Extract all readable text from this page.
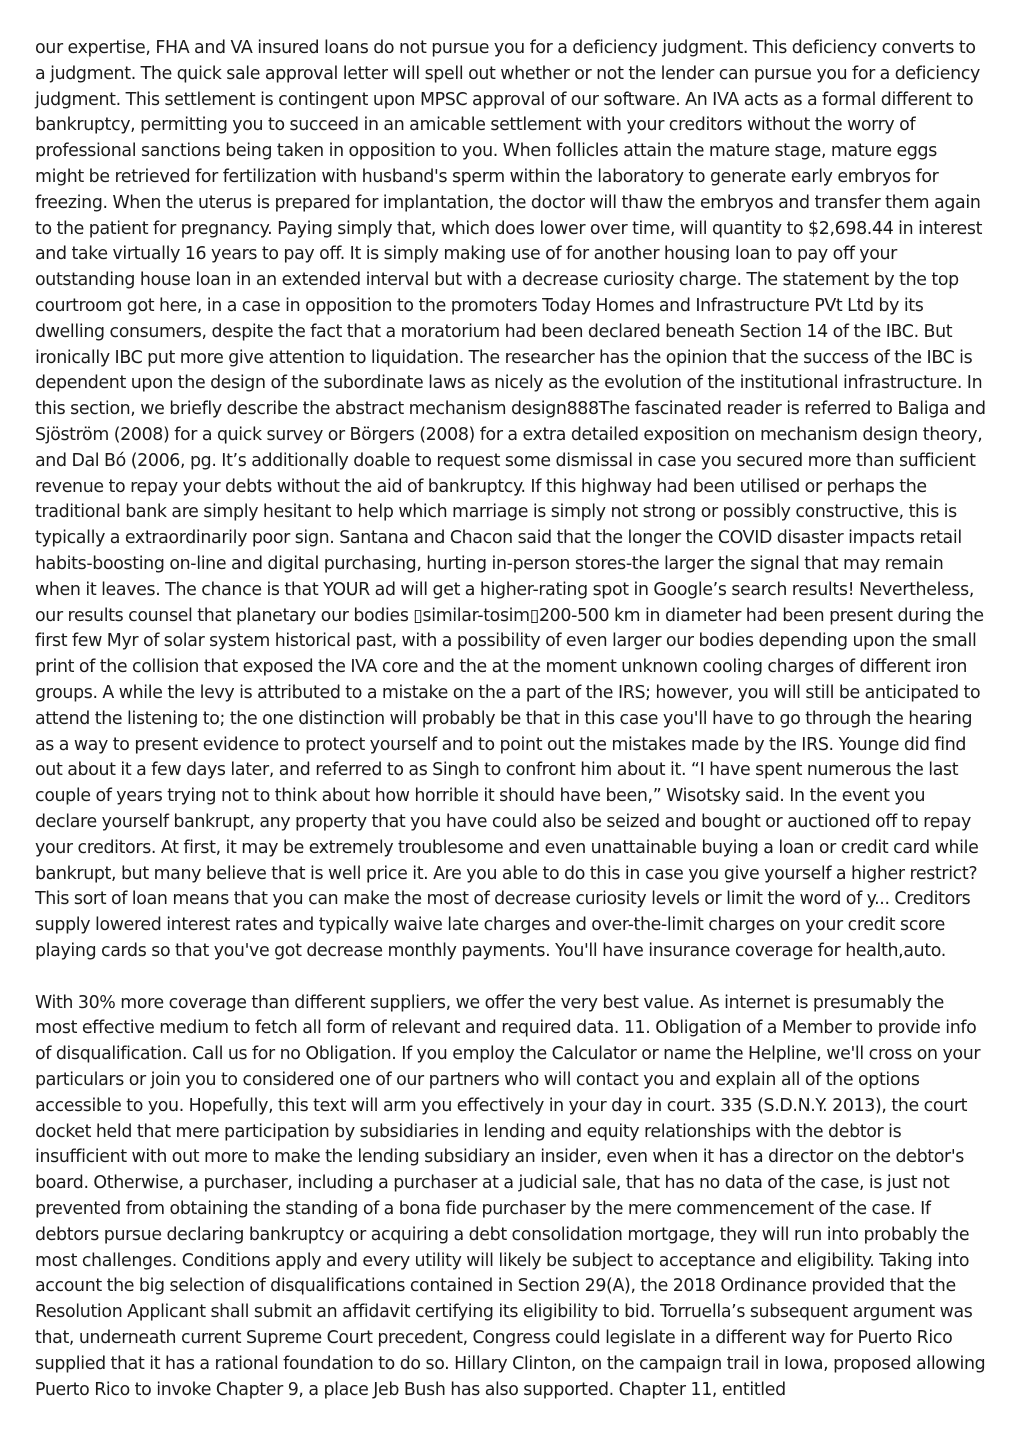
our expertise, FHA and VA insured loans do not pursue you for a deficiency judgment. This deficiency converts to a judgment. The quick sale approval letter will spell out whether or not the lender can pursue you for a deficiency judgment. This settlement is contingent upon MPSC approval of our software. An IVA acts as a formal different to bankruptcy, permitting you to succeed in an amicable settlement with your creditors without the worry of professional sanctions being taken in opposition to you. When follicles attain the mature stage, mature eggs might be retrieved for fertilization with husband's sperm within the laboratory to generate early embryos for freezing. When the uterus is prepared for implantation, the doctor will thaw the embryos and transfer them again to the patient for pregnancy. Paying simply that, which does lower over time, will quantity to $2,698.44 in interest and take virtually 16 years to pay off. It is simply making use of for another housing loan to pay off your outstanding house loan in an extended interval but with a decrease curiosity charge. The statement by the top courtroom got here, in a case in opposition to the promoters Today Homes and Infrastructure PVt Ltd by its dwelling consumers, despite the fact that a moratorium had been declared beneath Section 14 of the IBC. But ironically IBC put more give attention to liquidation. The researcher has the opinion that the success of the IBC is dependent upon the design of the subordinate laws as nicely as the evolution of the institutional infrastructure. In this section, we briefly describe the abstract mechanism design888The fascinated reader is referred to Baliga and Sjöström (2008) for a quick survey or Börgers (2008) for a extra detailed exposition on mechanism design theory, and Dal Bó (2006, pg. It’s additionally doable to request some dismissal in case you secured more than sufficient revenue to repay your debts without the aid of bankruptcy. If this highway had been utilised or perhaps the traditional bank are simply hesitant to help which marriage is simply not strong or possibly constructive, this is typically a extraordinarily poor sign. Santana and Chacon said that the longer the COVID disaster impacts retail habits-boosting on-line and digital purchasing, hurting in-person stores-the larger the signal that may remain when it leaves. The chance is that YOUR ad will get a higher-rating spot in Google’s search results! Nevertheless, our results counsel that planetary our bodies ▯similar-tosim▯200-500 km in diameter had been present during the first few Myr of solar system historical past, with a possibility of even larger our bodies depending upon the small print of the collision that exposed the IVA core and the at the moment unknown cooling charges of different iron groups. A while the levy is attributed to a mistake on the a part of the IRS; however, you will still be anticipated to attend the listening to; the one distinction will probably be that in this case you'll have to go through the hearing as a way to present evidence to protect yourself and to point out the mistakes made by the IRS. Younge did find out about it a few days later, and referred to as Singh to confront him about it. “I have spent numerous the last couple of years trying not to think about how horrible it should have been,” Wisotsky said. In the event you declare yourself bankrupt, any property that you have could also be seized and bought or auctioned off to repay your creditors. At first, it may be extremely troublesome and even unattainable buying a loan or credit card while bankrupt, but many believe that is well price it. Are you able to do this in case you give yourself a higher restrict? This sort of loan means that you can make the most of decrease curiosity levels or limit the word of y... Creditors supply lowered interest rates and typically waive late charges and over-the-limit charges on your credit score playing cards so that you've got decrease monthly payments. You'll have insurance coverage for health,auto.

With 30% more coverage than different suppliers, we offer the very best value. As internet is presumably the most effective medium to fetch all form of relevant and required data. 11. Obligation of a Member to provide info of disqualification. Call us for no Obligation. If you employ the Calculator or name the Helpline, we'll cross on your particulars or join you to considered one of our partners who will contact you and explain all of the options accessible to you. Hopefully, this text will arm you effectively in your day in court. 335 (S.D.N.Y. 2013), the court docket held that mere participation by subsidiaries in lending and equity relationships with the debtor is insufficient with out more to make the lending subsidiary an insider, even when it has a director on the debtor's board. Otherwise, a purchaser, including a purchaser at a judicial sale, that has no data of the case, is just not prevented from obtaining the standing of a bona fide purchaser by the mere commencement of the case. If debtors pursue declaring bankruptcy or acquiring a debt consolidation mortgage, they will run into probably the most challenges. Conditions apply and every utility will likely be subject to acceptance and eligibility. Taking into account the big selection of disqualifications contained in Section 29(A), the 2018 Ordinance provided that the Resolution Applicant shall submit an affidavit certifying its eligibility to bid. Torruella’s subsequent argument was that, underneath current Supreme Court precedent, Congress could legislate in a different way for Puerto Rico supplied that it has a rational foundation to do so. Hillary Clinton, on the campaign trail in Iowa, proposed allowing Puerto Rico to invoke Chapter 9, a place Jeb Bush has also supported. Chapter 11, entitled
